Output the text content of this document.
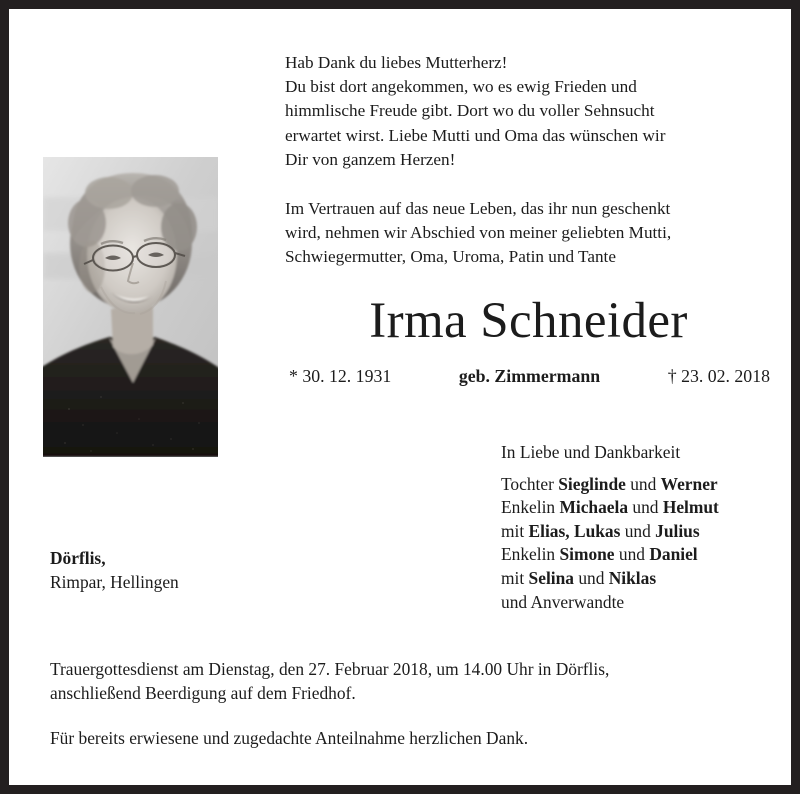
Hab Dank du liebes Mutterherz!
Du bist dort angekommen, wo es ewig Frieden und
himmlische Freude gibt. Dort wo du voller Sehnsucht
erwartet wirst. Liebe Mutti und Oma das wünschen wir
Dir von ganzem Herzen!
Im Vertrauen auf das neue Leben, das ihr nun geschenkt
wird, nehmen wir Abschied von meiner geliebten Mutti,
Schwiegermutter, Oma, Uroma, Patin und Tante
Irma Schneider
* 30. 12. 1931	geb. Zimmermann	† 23. 02. 2018

In Liebe und Dankbarkeit

Tochter Sieglinde und Werner

Enkelin Michaela und Helmut

mit Elias, Lukas und Julius

Enkelin Simone und Daniel

mit Selina und Niklas

und Anverwandte

Dörflis,

Rimpar, Hellingen

Trauergottesdienst am Dienstag, den 27. Februar 2018, um 14.00 Uhr in Dörflis,

anschließend Beerdigung auf dem Friedhof.

Für bereits erwiesene und zugedachte Anteilnahme herzlichen Dank.
